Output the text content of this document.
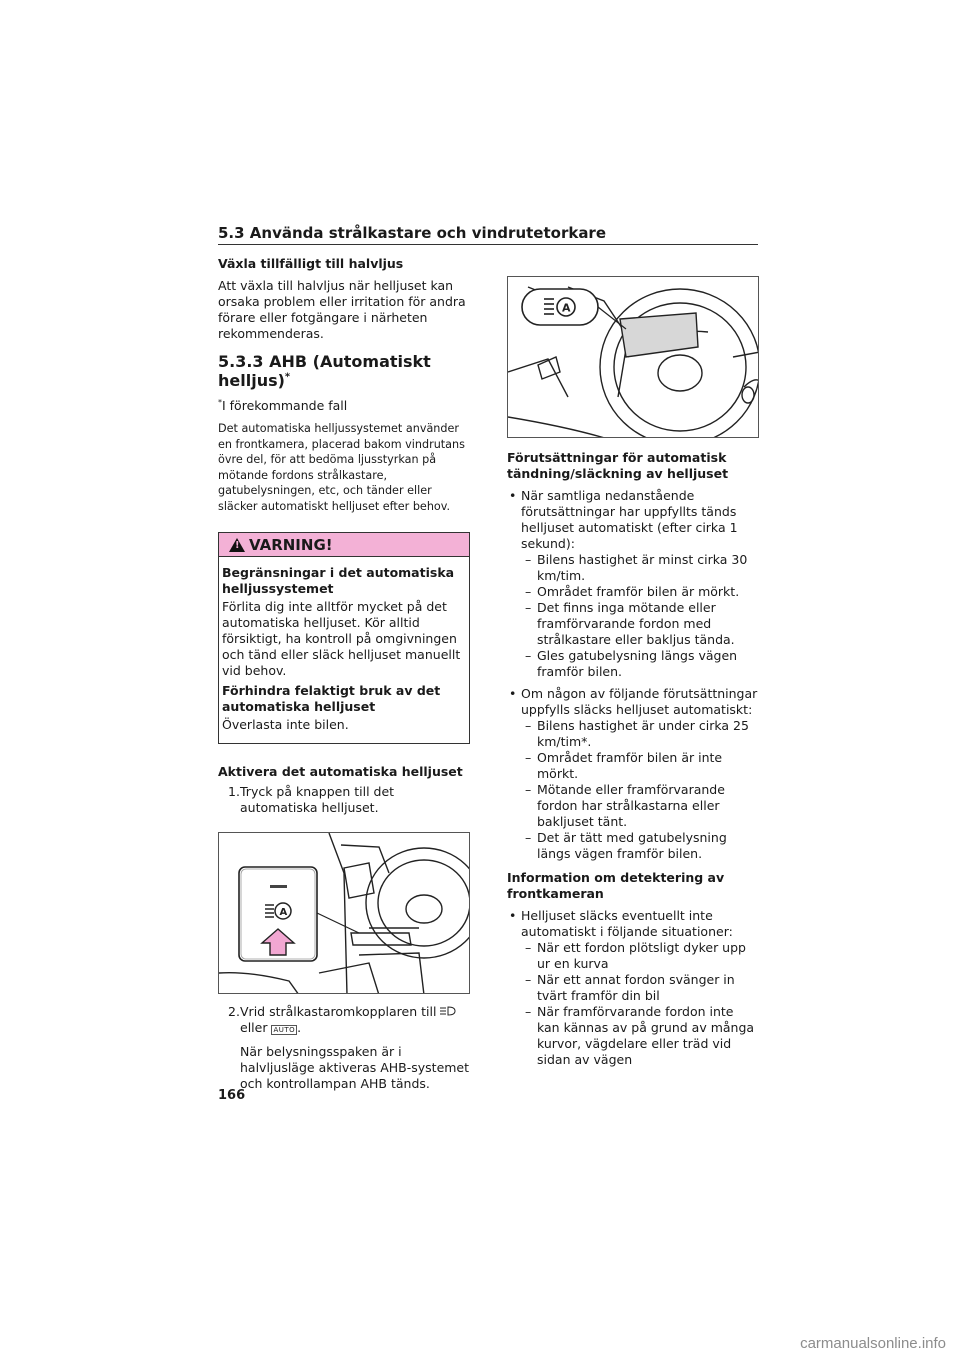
5.3 Använda strålkastare och vindrutetorkare
Växla tillfälligt till halvljus

Att växla till halvljus när helljuset kan orsaka problem eller irritation för andra förare eller fotgängare i närheten rekommenderas.

5.3.3 AHB (Automatiskt helljus)*
*I förekommande fall

Det automatiska helljussystemet använder en frontkamera, placerad bakom vindrutans övre del, för att bedöma ljusstyrkan på mötande fordons strålkastare, gatubelysningen, etc, och tänder eller släcker automatiskt helljuset efter behov.

! VARNING!
Begränsningar i det automatiska helljussystemet

Förlita dig inte alltför mycket på det automatiska helljuset. Kör alltid försiktigt, ha kontroll på omgivningen och tänd eller släck helljuset manuellt vid behov.

Förhindra felaktigt bruk av det automatiska helljuset

Överlasta inte bilen.

Aktivera det automatiska helljuset
1. Tryck på knappen till det automatiska helljuset.
A
2. Vrid strålkastaromkopplaren till
eller AUTO .
När belysningsspaken är i halvljusläge aktiveras AHB-systemet och kontrollampan AHB tänds.
A
Förutsättningar för automatisk tändning/släckning av helljuset
• När samtliga nedanstående förutsättningar har uppfyllts tänds helljuset automatiskt (efter cirka 1 sekund):
– Bilens hastighet är minst cirka 30 km/tim.
– Området framför bilen är mörkt.
– Det finns inga mötande eller framförvarande fordon med strålkastare eller bakljus tända.
– Gles gatubelysning längs vägen framför bilen.
• Om någon av följande förutsättningar uppfylls släcks helljuset automatiskt:
– Bilens hastighet är under cirka 25 km/tim*.
– Området framför bilen är inte mörkt.
– Mötande eller framförvarande fordon har strålkastarna eller bakljuset tänt.
– Det är tätt med gatubelysning längs vägen framför bilen.
Information om detektering av frontkameran
• Helljuset släcks eventuellt inte automatiskt i följande situationer:
– När ett fordon plötsligt dyker upp ur en kurva
– När ett annat fordon svänger in tvärt framför din bil
– När framförvarande fordon inte kan kännas av på grund av många kurvor, vägdelare eller träd vid sidan av vägen
166
carmanualsonline.info
